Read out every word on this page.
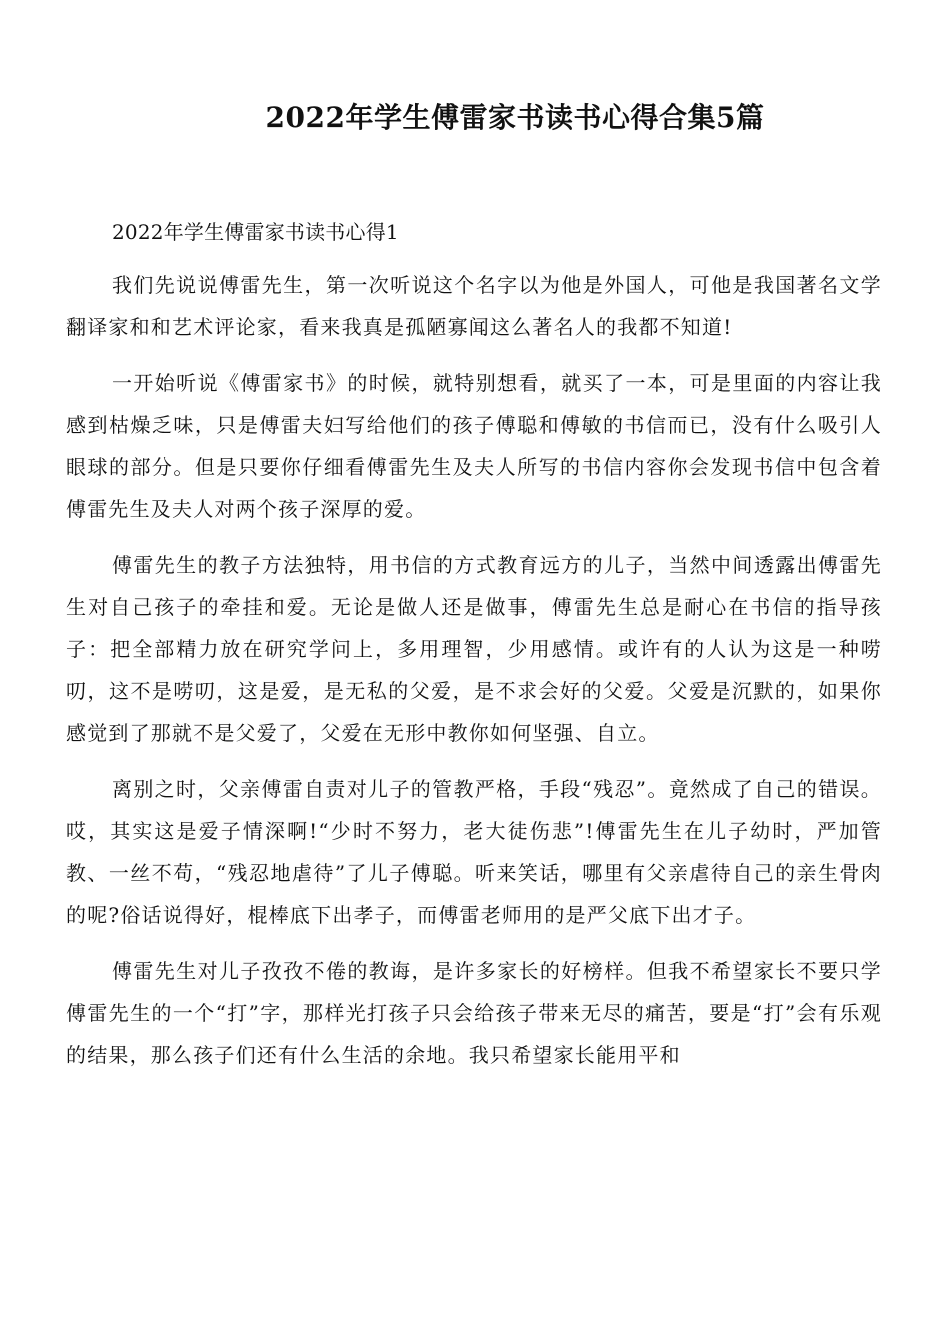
2022年学生傅雷家书读书心得合集5篇

2022年学生傅雷家书读书心得1

我们先说说傅雷先生，第一次听说这个名字以为他是外国人，可他是我国著名文学翻译家和和艺术评论家，看来我真是孤陋寡闻这么著名人的我都不知道!

一开始听说《傅雷家书》的时候，就特别想看，就买了一本，可是里面的内容让我感到枯燥乏味，只是傅雷夫妇写给他们的孩子傅聪和傅敏的书信而已，没有什么吸引人眼球的部分。但是只要你仔细看傅雷先生及夫人所写的书信内容你会发现书信中包含着傅雷先生及夫人对两个孩子深厚的爱。

傅雷先生的教子方法独特，用书信的方式教育远方的儿子，当然中间透露出傅雷先生对自己孩子的牵挂和爱。无论是做人还是做事，傅雷先生总是耐心在书信的指导孩子：把全部精力放在研究学问上，多用理智，少用感情。或许有的人认为这是一种唠叨，这不是唠叨，这是爱，是无私的父爱，是不求会好的父爱。父爱是沉默的，如果你感觉到了那就不是父爱了，父爱在无形中教你如何坚强、自立。

离别之时，父亲傅雷自责对儿子的管教严格，手段“残忍”。竟然成了自己的错误。哎，其实这是爱子情深啊!“少时不努力，老大徒伤悲”!傅雷先生在儿子幼时，严加管教、一丝不苟，“残忍地虐待”了儿子傅聪。听来笑话，哪里有父亲虐待自己的亲生骨肉的呢?俗话说得好，棍棒底下出孝子，而傅雷老师用的是严父底下出才子。

傅雷先生对儿子孜孜不倦的教诲，是许多家长的好榜样。但我不希望家长不要只学傅雷先生的一个“打”字，那样光打孩子只会给孩子带来无尽的痛苦，要是“打”会有乐观的结果，那么孩子们还有什么生活的余地。我只希望家长能用平和
